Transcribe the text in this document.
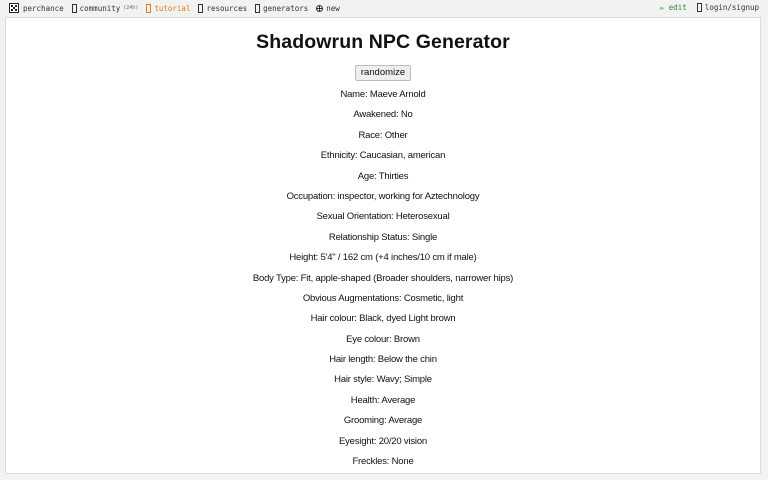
perchance community (24h) tutorial resources generators new	✏ edit login/signup
Shadowrun NPC Generator
randomize
Name: Maeve Arnold
Awakened: No
Race: Other
Ethnicity: Caucasian, american
Age: Thirties
Occupation: inspector, working for Aztechnology
Sexual Orientation: Heterosexual
Relationship Status: Single
Height: 5'4" / 162 cm (+4 inches/10 cm if male)
Body Type: Fit, apple-shaped (Broader shoulders, narrower hips)
Obvious Augmentations: Cosmetic, light
Hair colour: Black, dyed Light brown
Eye colour: Brown
Hair length: Below the chin
Hair style: Wavy; Simple
Health: Average
Grooming: Average
Eyesight: 20/20 vision
Freckles: None
